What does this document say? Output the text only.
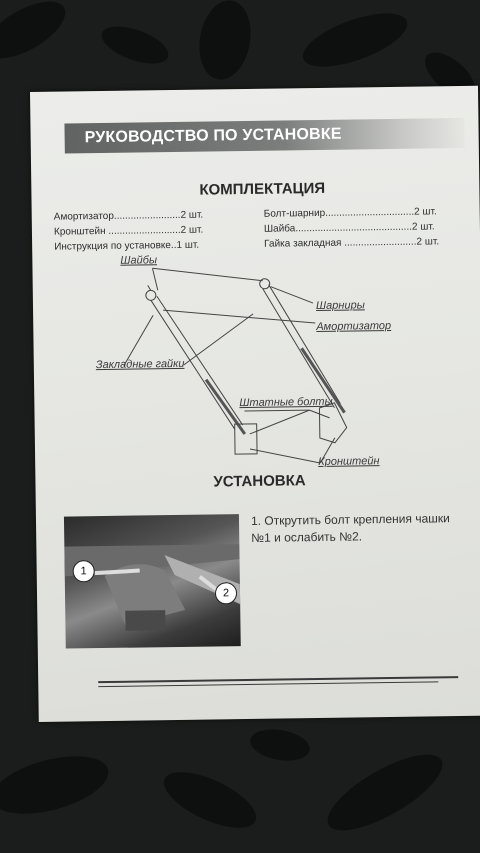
РУКОВОДСТВО ПО УСТАНОВКЕ
КОМПЛЕКТАЦИЯ
Амортизатор........................2 шт.
Кронштейн ..........................2 шт.
Инструкция по установке..1 шт.
Болт-шарнир................................2 шт.
Шайба..........................................2 шт.
Гайка закладная ..........................2 шт.
Шайбы
Шарниры
Амортизатор
Закладные гайки
Штатные болты
Кронштейн
УСТАНОВКА
1
2
1. Открутить болт крепления чашки №1 и ослабить №2.
